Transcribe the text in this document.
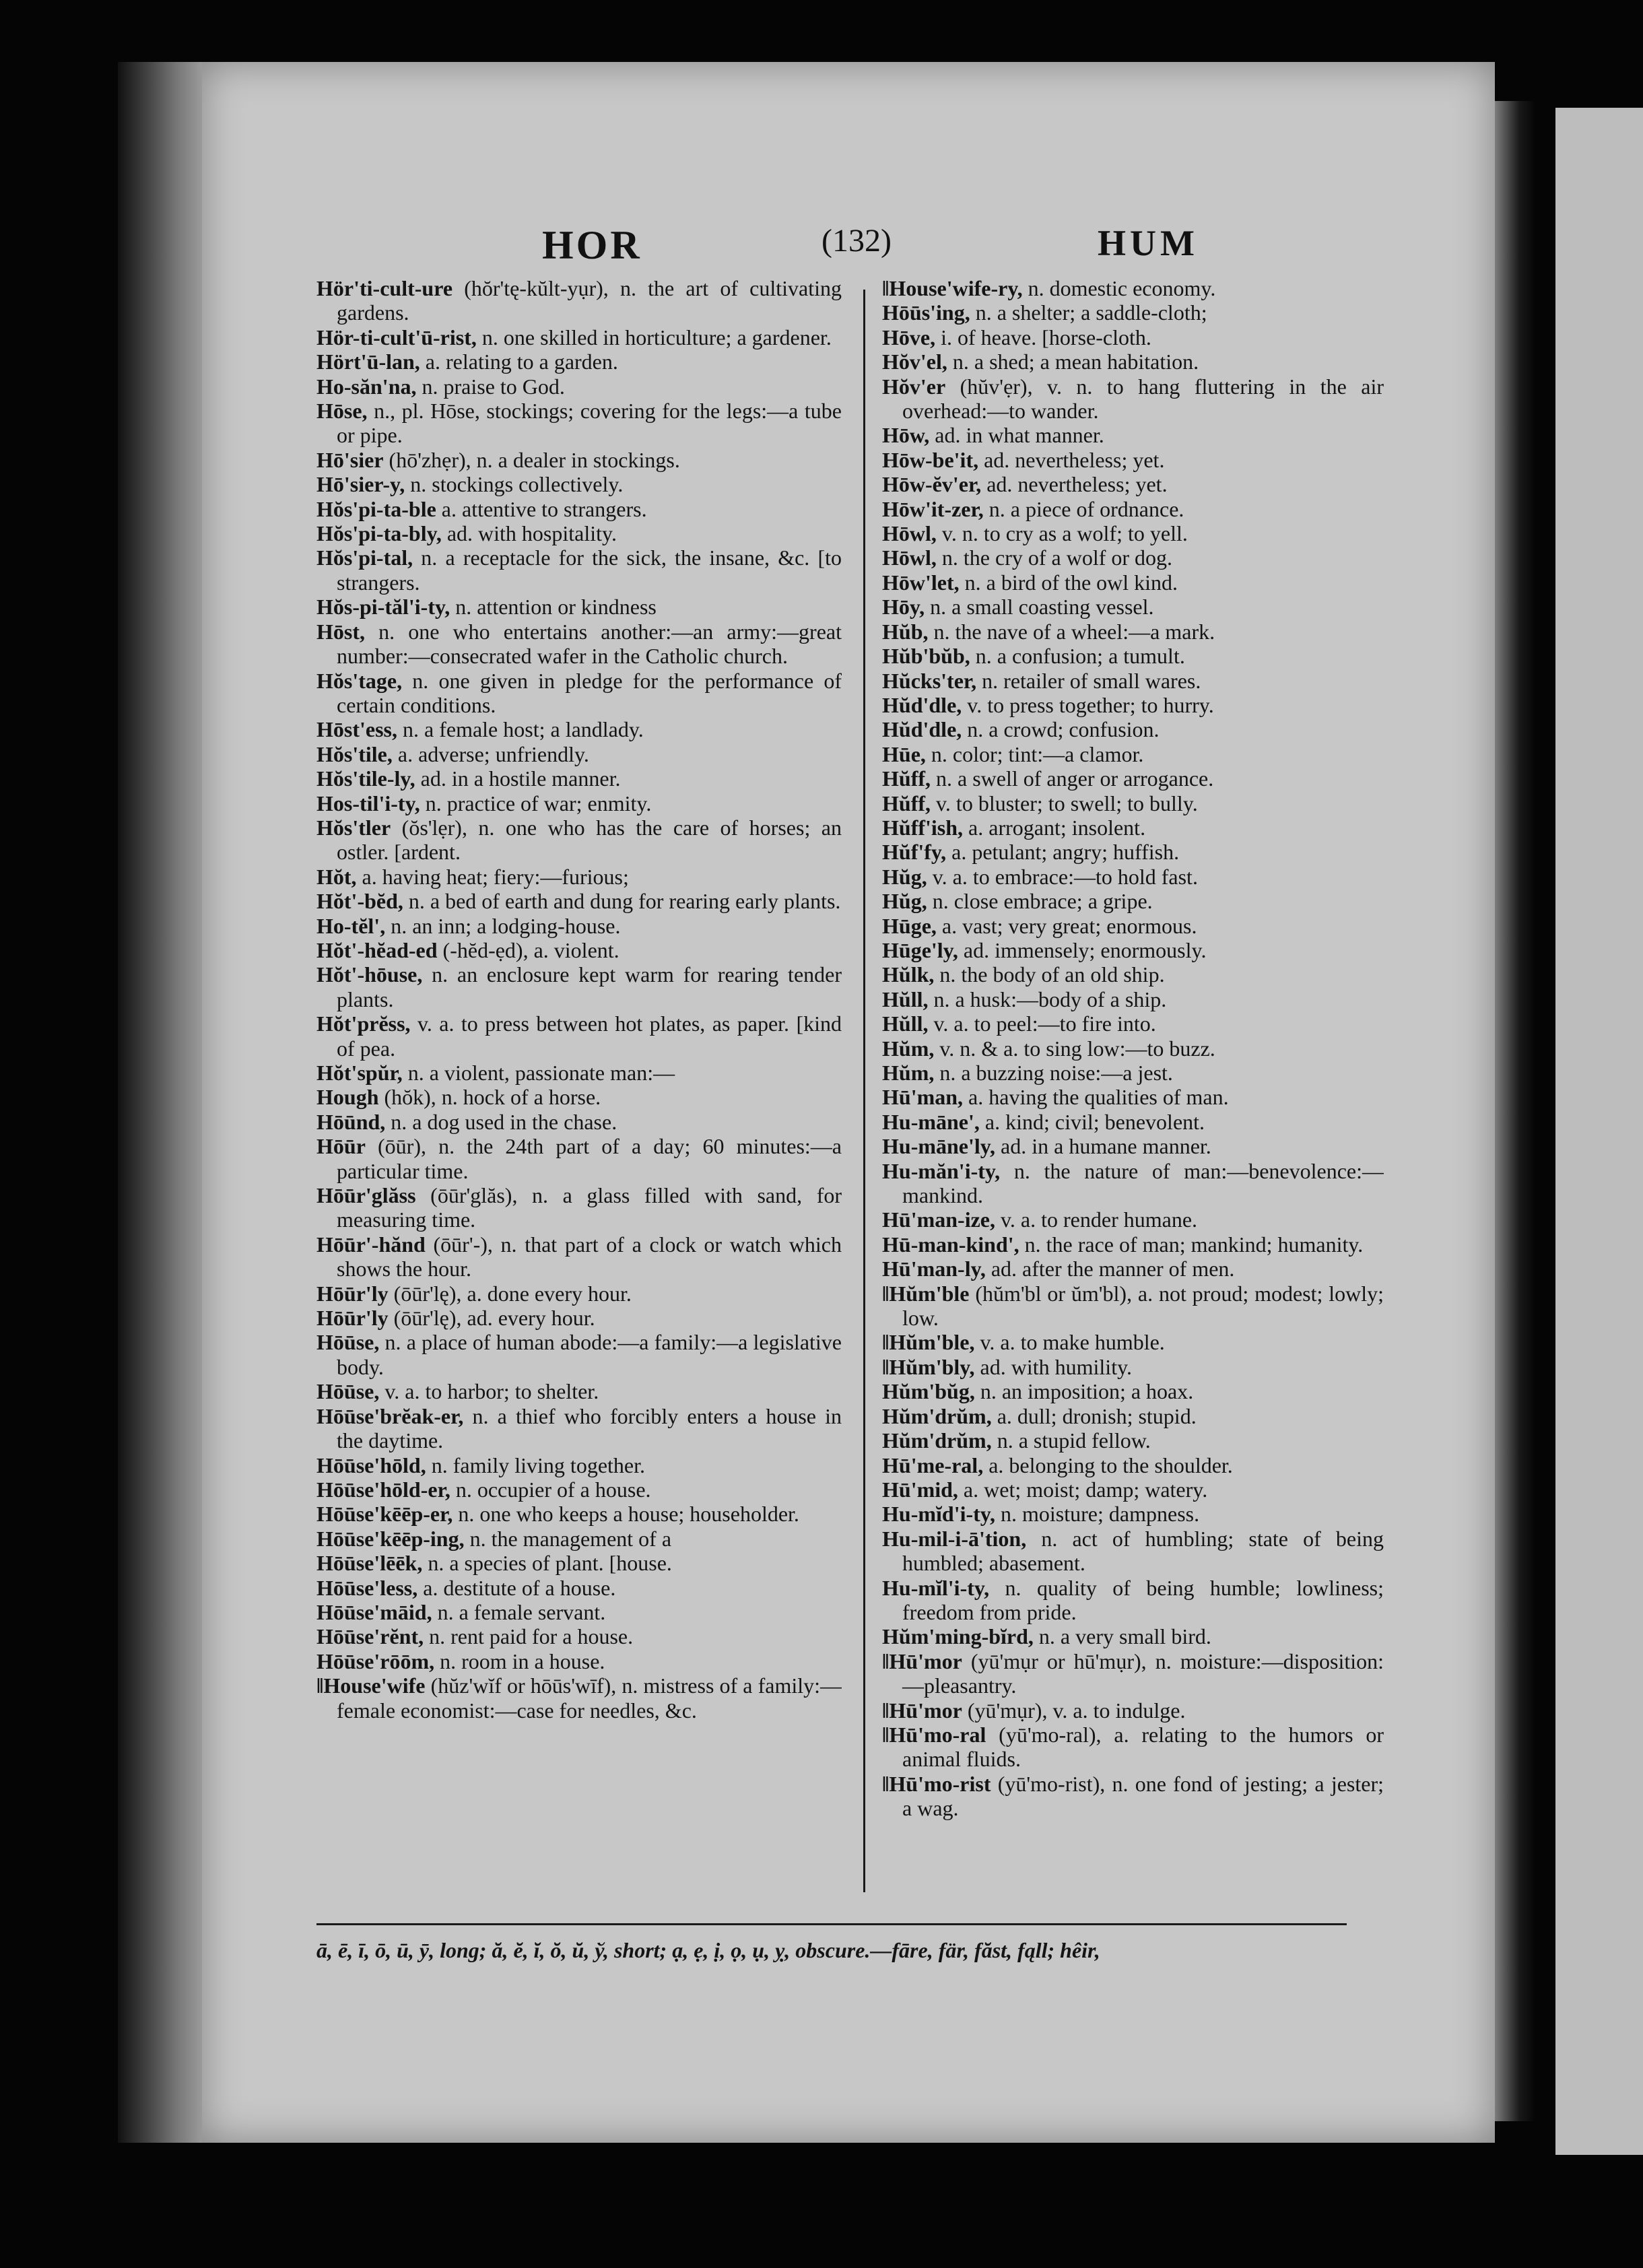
HOR	(132)	HUM

Hör'ti-cult-ure (hŏr'tę-kŭlt-yụr), n. the art of cultivating gardens.

Hör-ti-cult'ū-rist, n. one skilled in horticulture; a gardener.

Hört'ū-lan, a. relating to a garden.

Ho-săn'na, n. praise to God.

Hōse, n., pl. Hōse, stockings; covering for the legs:—a tube or pipe.

Hō'sier (hō'zhẹr), n. a dealer in stockings.

Hō'sier-y, n. stockings collectively.

Hŏs'pi-ta-ble a. attentive to strangers.

Hŏs'pi-ta-bly, ad. with hospitality.

Hŏs'pi-tal, n. a receptacle for the sick, the insane, &c. [to strangers.

Hŏs-pi-tăl'i-ty, n. attention or kindness

Hōst, n. one who entertains another:—an army:—great number:—consecrated wafer in the Catholic church.

Hŏs'tage, n. one given in pledge for the performance of certain conditions.

Hōst'ess, n. a female host; a landlady.

Hŏs'tile, a. adverse; unfriendly.

Hŏs'tile-ly, ad. in a hostile manner.

Hos-til'i-ty, n. practice of war; enmity.

Hŏs'tler (ŏs'lẹr), n. one who has the care of horses; an ostler. [ardent.

Hŏt, a. having heat; fiery:—furious;

Hŏt'-bĕd, n. a bed of earth and dung for rearing early plants.

Ho-tĕl', n. an inn; a lodging-house.

Hŏt'-hĕad-ed (-hĕd-ẹd), a. violent.

Hŏt'-hōuse, n. an enclosure kept warm for rearing tender plants.

Hŏt'prĕss, v. a. to press between hot plates, as paper. [kind of pea.

Hŏt'spŭr, n. a violent, passionate man:—

Hough (hŏk), n. hock of a horse.

Hōūnd, n. a dog used in the chase.

Hōūr (ōūr), n. the 24th part of a day; 60 minutes:—a particular time.

Hōūr'glăss (ōūr'glăs), n. a glass filled with sand, for measuring time.

Hōūr'-hănd (ōūr'-), n. that part of a clock or watch which shows the hour.

Hōūr'ly (ōūr'lę), a. done every hour.

Hōūr'ly (ōūr'lę), ad. every hour.

Hōūse, n. a place of human abode:—a family:—a legislative body.

Hōūse, v. a. to harbor; to shelter.

Hōūse'brĕak-er, n. a thief who forcibly enters a house in the daytime.

Hōūse'hōld, n. family living together.

Hōūse'hōld-er, n. occupier of a house.

Hōūse'kēēp-er, n. one who keeps a house; householder.

Hōūse'kēēp-ing, n. the management of a

Hōūse'lēēk, n. a species of plant. [house.

Hōūse'less, a. destitute of a house.

Hōūse'māid, n. a female servant.

Hōūse'rĕnt, n. rent paid for a house.

Hōūse'rōōm, n. room in a house.

‖House'wife (hŭz'wĭf or hōūs'wīf), n. mistress of a family:—female economist:—case for needles, &c.

‖House'wife-ry, n. domestic economy.

Hōūs'ing, n. a shelter; a saddle-cloth;

Hōve, i. of heave. [horse-cloth.

Hŏv'el, n. a shed; a mean habitation.

Hŏv'er (hŭv'ẹr), v. n. to hang fluttering in the air overhead:—to wander.

Hōw, ad. in what manner.

Hōw-be'it, ad. nevertheless; yet.

Hōw-ĕv'er, ad. nevertheless; yet.

Hōw'it-zer, n. a piece of ordnance.

Hōwl, v. n. to cry as a wolf; to yell.

Hōwl, n. the cry of a wolf or dog.

Hōw'let, n. a bird of the owl kind.

Hōy, n. a small coasting vessel.

Hŭb, n. the nave of a wheel:—a mark.

Hŭb'bŭb, n. a confusion; a tumult.

Hŭcks'ter, n. retailer of small wares.

Hŭd'dle, v. to press together; to hurry.

Hŭd'dle, n. a crowd; confusion.

Hūe, n. color; tint:—a clamor.

Hŭff, n. a swell of anger or arrogance.

Hŭff, v. to bluster; to swell; to bully.

Hŭff'ish, a. arrogant; insolent.

Hŭf'fy, a. petulant; angry; huffish.

Hŭg, v. a. to embrace:—to hold fast.

Hŭg, n. close embrace; a gripe.

Hūge, a. vast; very great; enormous.

Hūge'ly, ad. immensely; enormously.

Hŭlk, n. the body of an old ship.

Hŭll, n. a husk:—body of a ship.

Hŭll, v. a. to peel:—to fire into.

Hŭm, v. n. & a. to sing low:—to buzz.

Hŭm, n. a buzzing noise:—a jest.

Hū'man, a. having the qualities of man.

Hu-māne', a. kind; civil; benevolent.

Hu-māne'ly, ad. in a humane manner.

Hu-măn'i-ty, n. the nature of man:—benevolence:—mankind.

Hū'man-ize, v. a. to render humane.

Hū-man-kind', n. the race of man; mankind; humanity.

Hū'man-ly, ad. after the manner of men.

‖Hŭm'ble (hŭm'bl or ŭm'bl), a. not proud; modest; lowly; low.

‖Hŭm'ble, v. a. to make humble.

‖Hŭm'bly, ad. with humility.

Hŭm'bŭg, n. an imposition; a hoax.

Hŭm'drŭm, a. dull; dronish; stupid.

Hŭm'drŭm, n. a stupid fellow.

Hū'me-ral, a. belonging to the shoulder.

Hū'mid, a. wet; moist; damp; watery.

Hu-mĭd'i-ty, n. moisture; dampness.

Hu-mil-i-ā'tion, n. act of humbling; state of being humbled; abasement.

Hu-mĭl'i-ty, n. quality of being humble; lowliness; freedom from pride.

Hŭm'ming-bĭrd, n. a very small bird.

‖Hū'mor (yū'mụr or hū'mụr), n. moisture:—disposition:—pleasantry.

‖Hū'mor (yū'mụr), v. a. to indulge.

‖Hū'mo-ral (yū'mo-ral), a. relating to the humors or animal fluids.

‖Hū'mo-rist (yū'mo-rist), n. one fond of jesting; a jester; a wag.

ā, ē, ī, ō, ū, ȳ, long; ă, ĕ, ĭ, ŏ, ŭ, ў, short; ạ, ẹ, ị, ọ, ụ, ỵ, obscure.—fāre, fär, făst, fąll; hêir,
